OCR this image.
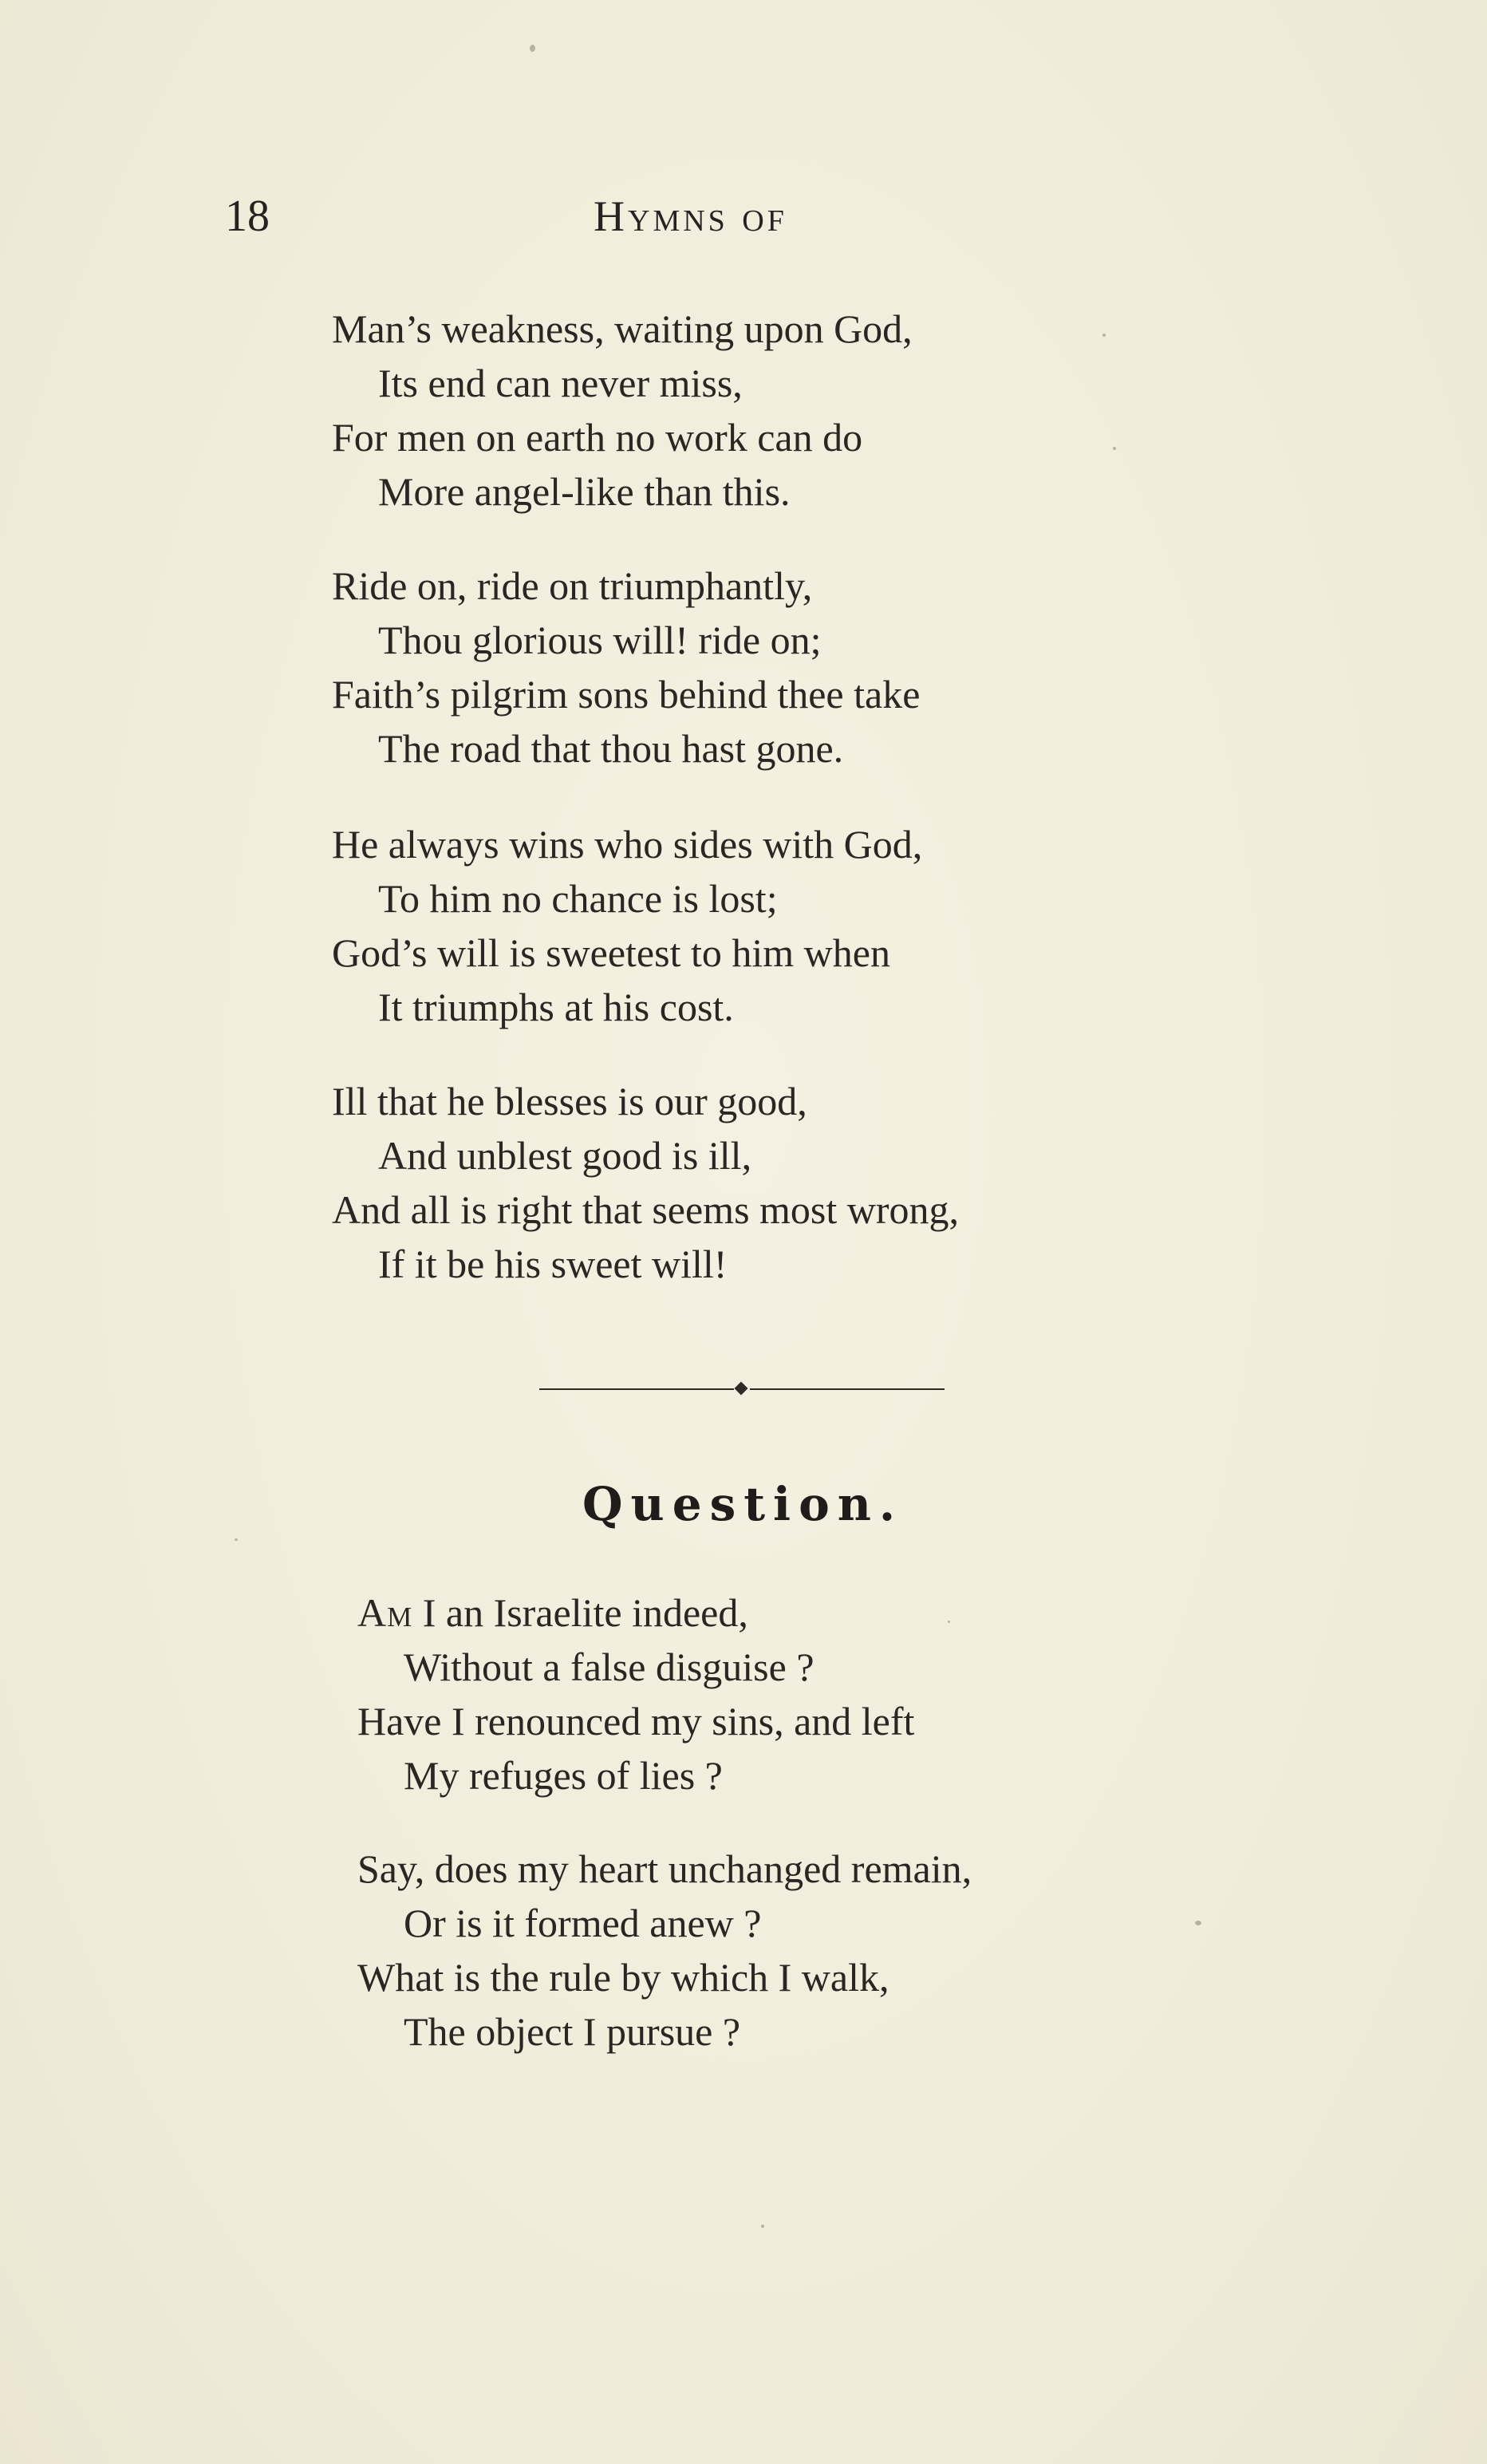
18	Hymns of
Man’s weakness, waiting upon God,
Its end can never miss,
For men on earth no work can do
More angel-like than this.
Ride on, ride on triumphantly,
Thou glorious will! ride on;
Faith’s pilgrim sons behind thee take
The road that thou hast gone.
He always wins who sides with God,
To him no chance is lost;
God’s will is sweetest to him when
It triumphs at his cost.
Ill that he blesses is our good,
And unblest good is ill,
And all is right that seems most wrong,
If it be his sweet will!
Question.
Am I an Israelite indeed,
Without a false disguise ?
Have I renounced my sins, and left
My refuges of lies ?
Say, does my heart unchanged remain,
Or is it formed anew ?
What is the rule by which I walk,
The object I pursue ?
